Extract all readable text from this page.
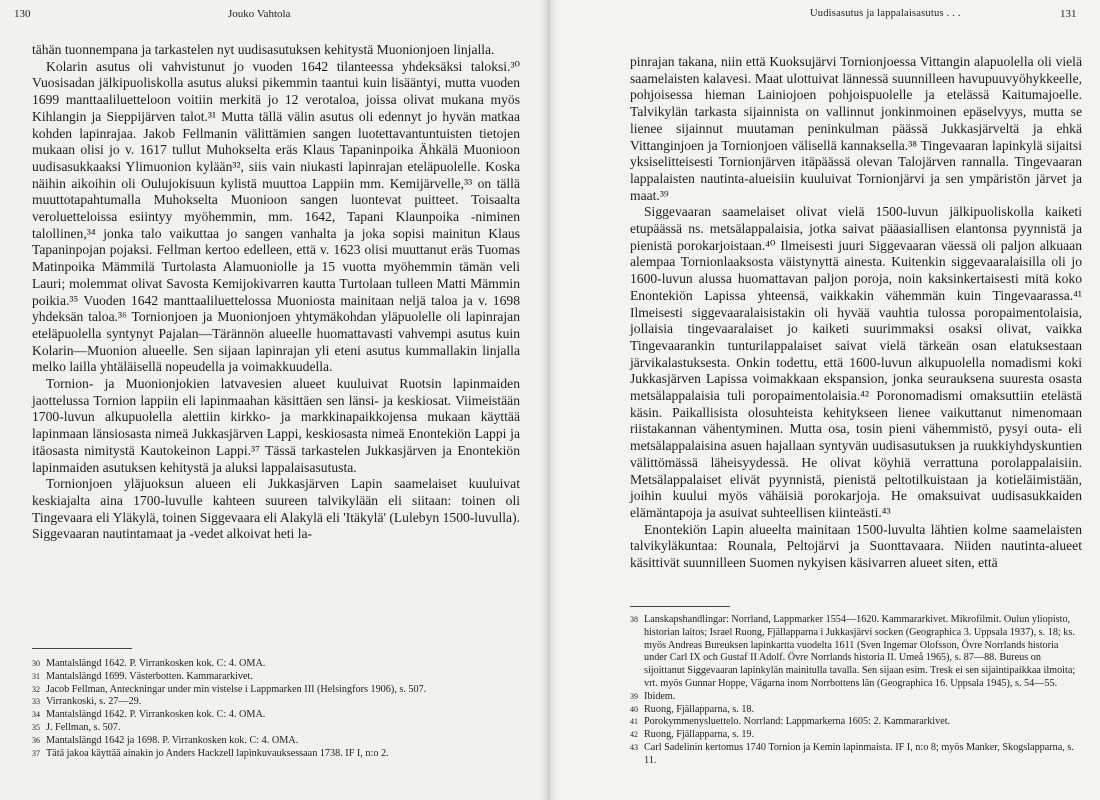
130	Jouko Vahtola

tähän tuonnempana ja tarkastelen nyt uudisasutuksen kehitystä Muonionjoen linjalla.

Kolarin asutus oli vahvistunut jo vuoden 1642 tilanteessa yhdeksäksi taloksi.³⁰ Vuosisadan jälkipuoliskolla asutus aluksi pikemmin taantui kuin lisääntyi, mutta vuoden 1699 manttaaliluetteloon voitiin merkitä jo 12 verotaloa, joissa olivat mukana myös Kihlangin ja Sieppijärven talot.³¹ Mutta tällä välin asutus oli edennyt jo hyvän matkaa kohden lapinrajaa. Jakob Fellmanin välittämien sangen luotettavantuntuisten tietojen mukaan olisi jo v. 1617 tullut Muhokselta eräs Klaus Tapaninpoika Ähkälä Muonioon uudisasukkaaksi Ylimuonion kylään³², siis vain niukasti lapinrajan eteläpuolelle. Koska näihin aikoihin oli Oulujokisuun kylistä muuttoa Lappiin mm. Kemijärvelle,³³ on tällä muuttotapahtumalla Muhokselta Muonioon sangen luontevat puitteet. Toisaalta veroluetteloissa esiintyy myöhemmin, mm. 1642, Tapani Klaunpoika -niminen talollinen,³⁴ jonka talo vaikuttaa jo sangen vanhalta ja joka sopisi mainitun Klaus Tapaninpojan pojaksi. Fellman kertoo edelleen, että v. 1623 olisi muuttanut eräs Tuomas Matinpoika Mämmilä Turtolasta Alamuoniolle ja 15 vuotta myöhemmin tämän veli Lauri; molemmat olivat Savosta Kemijokivarren kautta Turtolaan tulleen Matti Mämmin poikia.³⁵ Vuoden 1642 manttaaliluettelossa Muoniosta mainitaan neljä taloa ja v. 1698 yhdeksän taloa.³⁶ Tornionjoen ja Muonionjoen yhtymäkohdan yläpuolelle oli lapinrajan eteläpuolella syntynyt Pajalan—Tärännön alueelle huomattavasti vahvempi asutus kuin Kolarin—Muonion alueelle. Sen sijaan lapinrajan yli eteni asutus kummallakin linjalla melko lailla yhtäläisellä nopeudella ja voimakkuudella.

Tornion- ja Muonionjokien latvavesien alueet kuuluivat Ruotsin lapinmaiden jaottelussa Tornion lappiin eli lapinmaahan käsittäen sen länsi- ja keskiosat. Viimeistään 1700-luvun alkupuolella alettiin kirkko- ja markkinapaikkojensa mukaan käyttää lapinmaan länsiosasta nimeä Jukkasjärven Lappi, keskiosasta nimeä Enontekiön Lappi ja itäosasta nimitystä Kautokeinon Lappi.³⁷ Tässä tarkastelen Jukkasjärven ja Enontekiön lapinmaiden asutuksen kehitystä ja aluksi lappalaisasutusta.

Tornionjoen yläjuoksun alueen eli Jukkasjärven Lapin saamelaiset kuuluivat keskiajalta aina 1700-luvulle kahteen suureen talvikylään eli siitaan: toinen oli Tingevaara eli Yläkylä, toinen Siggevaara eli Alakylä eli 'Itäkylä' (Lulebyn 1500-luvulla). Siggevaaran nautintamaat ja -vedet alkoivat heti la-

30 Mantalslängd 1642. P. Virrankosken kok. C: 4. OMA.

31 Mantalslängd 1699. Västerbotten. Kammararkivet.

32 Jacob Fellman, Anteckningar under min vistelse i Lappmarken III (Helsingfors 1906), s. 507.

33 Virrankoski, s. 27—29.

34 Mantalslängd 1642. P. Virrankosken kok. C: 4. OMA.

35 J. Fellman, s. 507.

36 Mantalslängd 1642 ja 1698. P. Virrankosken kok. C: 4. OMA.

37 Tätä jakoa käyttää ainakin jo Anders Hackzell lapinkuvauksessaan 1738. IF I, n:o 2.

Uudisasutus ja lappalaisasutus . . .	131

pinrajan takana, niin että Kuoksujärvi Tornionjoessa Vittangin alapuolella oli vielä saamelaisten kalavesi. Maat ulottuivat lännessä suunnilleen havupuuvyöhykkeelle, pohjoisessa hieman Lainiojoen pohjoispuolelle ja etelässä Kaitumajoelle. Talvikylän tarkasta sijainnista on vallinnut jonkinmoinen epäselvyys, mutta se lienee sijainnut muutaman peninkulman päässä Jukkasjärveltä ja ehkä Vittanginjoen ja Tornionjoen välisellä kannaksella.³⁸ Tingevaaran lapinkylä sijaitsi yksiselitteisesti Tornionjärven itäpäässä olevan Talojärven rannalla. Tingevaaran lappalaisten nautinta-alueisiin kuuluivat Tornionjärvi ja sen ympäristön järvet ja maat.³⁹

Siggevaaran saamelaiset olivat vielä 1500-luvun jälkipuoliskolla kaiketi etupäässä ns. metsälappalaisia, jotka saivat pääasiallisen elantonsa pyynnistä ja pienistä porokarjoistaan.⁴⁰ Ilmeisesti juuri Siggevaaran väessä oli paljon alkuaan alempaa Tornionlaaksosta väistynyttä ainesta. Kuitenkin siggevaaralaisilla oli jo 1600-luvun alussa huomattavan paljon poroja, noin kaksinkertaisesti mitä koko Enontekiön Lapissa yhteensä, vaikkakin vähemmän kuin Tingevaarassa.⁴¹ Ilmeisesti siggevaaralaisistakin oli hyvää vauhtia tulossa poropaimentolaisia, jollaisia tingevaaralaiset jo kaiketi suurimmaksi osaksi olivat, vaikka Tingevaarankin tunturilappalaiset saivat vielä tärkeän osan elatuksestaan järvikalastuksesta. Onkin todettu, että 1600-luvun alkupuolella nomadismi koki Jukkasjärven Lapissa voimakkaan ekspansion, jonka seurauksena suuresta osasta metsälappalaisia tuli poropaimentolaisia.⁴² Poronomadismi omaksuttiin etelästä käsin. Paikallisista olosuhteista kehitykseen lienee vaikuttanut nimenomaan riistakannan vähentyminen. Mutta osa, tosin pieni vähemmistö, pysyi outa- eli metsälappalaisina asuen hajallaan syntyvän uudisasutuksen ja ruukkiyhdyskuntien välittömässä läheisyydessä. He olivat köyhiä verrattuna porolappalaisiin. Metsälappalaiset elivät pyynnistä, pienistä peltotilkuistaan ja kotieläimistään, joihin kuului myös vähäisiä porokarjoja. He omaksuivat uudisasukkaiden elämäntapoja ja asuivat suhteellisen kiinteästi.⁴³

Enontekiön Lapin alueelta mainitaan 1500-luvulta lähtien kolme saamelaisten talvikyläkuntaa: Rounala, Peltojärvi ja Suonttavaara. Niiden nautinta-alueet käsittivät suunnilleen Suomen nykyisen käsivarren alueet siten, että

38 Lanskapshandlingar: Norrland, Lappmarker 1554—1620. Kammararkivet. Mikrofilmit. Oulun yliopisto, historian laitos; Israel Ruong, Fjällapparna i Jukkasjärvi socken (Geographica 3. Uppsala 1937), s. 18; ks. myös Andreas Bureuksen lapinkartta vuodelta 1611 (Sven Ingemar Olofsson, Övre Norrlands historia under Carl IX och Gustaf II Adolf. Övre Norrlands historia II. Umeå 1965), s. 87—88. Bureus on sijoittanut Siggevaaran lapinkylän mainitulla tavalla. Sen sijaan esim. Tresk ei sen sijaintipaikkaa ilmoita; vrt. myös Gunnar Hoppe, Vägarna inom Norrbottens län (Geographica 16. Uppsala 1945), s. 54—55.

39 Ibidem.

40 Ruong, Fjällapparna, s. 18.

41 Porokymmenysluettelo. Norrland: Lappmarkerna 1605: 2. Kammararkivet.

42 Ruong, Fjällapparna, s. 19.

43 Carl Sadelinin kertomus 1740 Tornion ja Kemin lapinmaista. IF I, n:o 8; myös Manker, Skogslapparna, s. 11.
